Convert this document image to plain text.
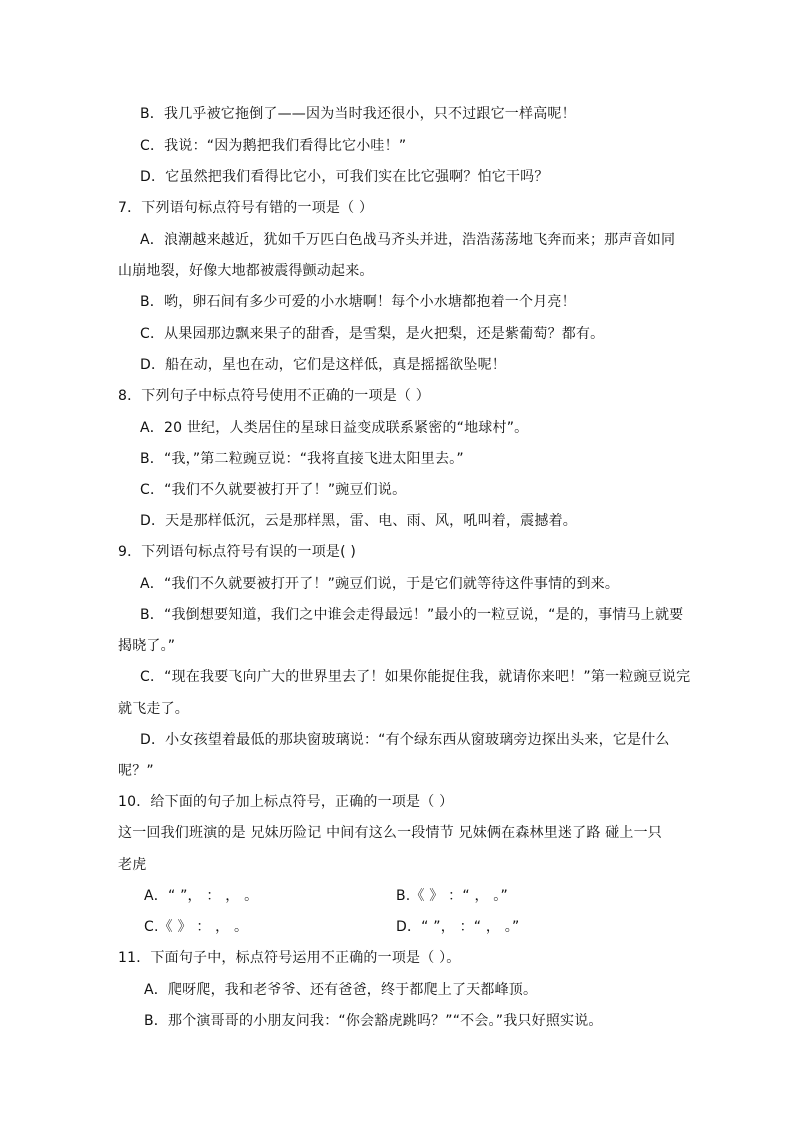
B．我几乎被它拖倒了——因为当时我还很小，只不过跟它一样高呢！
C．我说：“因为鹅把我们看得比它小哇！”
D．它虽然把我们看得比它小，可我们实在比它强啊？怕它干吗？
7．下列语句标点符号有错的一项是（ ）
A．浪潮越来越近，犹如千万匹白色战马齐头并进，浩浩荡荡地飞奔而来；那声音如同
山崩地裂，好像大地都被震得颤动起来。
B．哟，卵石间有多少可爱的小水塘啊！每个小水塘都抱着一个月亮！
C．从果园那边飘来果子的甜香，是雪梨，是火把梨，还是紫葡萄？都有。
D．船在动，星也在动，它们是这样低，真是摇摇欲坠呢！
8．下列句子中标点符号使用不正确的一项是（ ）
A．20 世纪，人类居住的星球日益变成联系紧密的“地球村”。
B．“我，”第二粒豌豆说：“我将直接飞进太阳里去。”
C．“我们不久就要被打开了！”豌豆们说。
D．天是那样低沉，云是那样黑，雷、电、雨、风，吼叫着，震撼着。
9．下列语句标点符号有误的一项是( )
A．“我们不久就要被打开了！”豌豆们说，于是它们就等待这件事情的到来。
B．“我倒想要知道，我们之中谁会走得最远！”最小的一粒豆说，“是的，事情马上就要
揭晓了。”
C．“现在我要飞向广大的世界里去了！如果你能捉住我，就请你来吧！”第一粒豌豆说完
就飞走了。
D．小女孩望着最低的那块窗玻璃说：“有个绿东西从窗玻璃旁边探出头来，它是什么
呢？”
10．给下面的句子加上标点符号，正确的一项是（ ）
这一回我们班演的是 兄妹历险记 中间有这么一段情节 兄妹俩在森林里迷了路 碰上一只
老虎
A．“ ”， ： ， 。	B.《 》 ：“ ， 。”
C.《 》 ： ， 。	D．“ ”， ：“ ， 。”
11．下面句子中，标点符号运用不正确的一项是（ ）。
A．爬呀爬，我和老爷爷、还有爸爸，终于都爬上了天都峰顶。
B．那个演哥哥的小朋友问我：“你会豁虎跳吗？”“不会。”我只好照实说。
